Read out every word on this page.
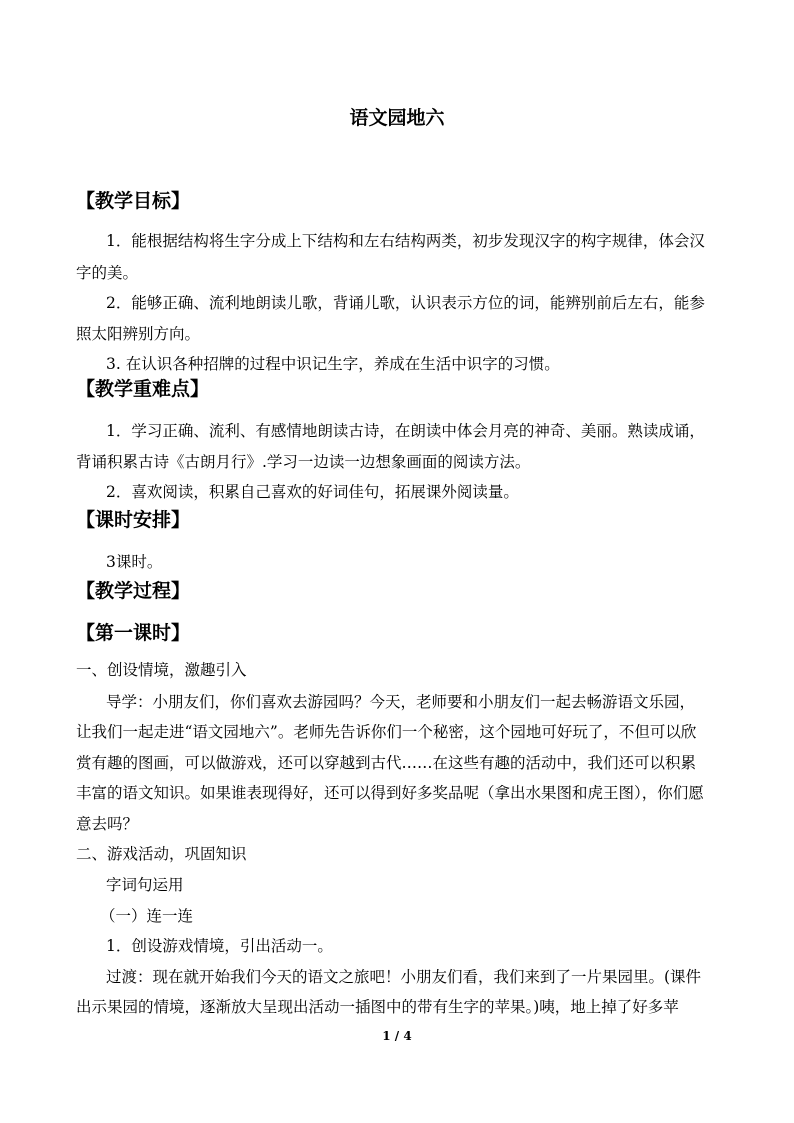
语文园地六
【教学目标】
1．能根据结构将生字分成上下结构和左右结构两类，初步发现汉字的构字规律，体会汉
字的美。
2．能够正确、流利地朗读儿歌，背诵儿歌，认识表示方位的词，能辨别前后左右，能参
照太阳辨别方向。
3. 在认识各种招牌的过程中识记生字，养成在生活中识字的习惯。
【教学重难点】
1．学习正确、流利、有感情地朗读古诗，在朗读中体会月亮的神奇、美丽。熟读成诵，
背诵积累古诗《古朗月行》.学习一边读一边想象画面的阅读方法。
2．喜欢阅读，积累自己喜欢的好词佳句，拓展课外阅读量。
【课时安排】
3课时。
【教学过程】
【第一课时】
一、创设情境，激趣引入
导学：小朋友们，你们喜欢去游园吗？今天，老师要和小朋友们一起去畅游语文乐园，
让我们一起走进“语文园地六”。老师先告诉你们一个秘密，这个园地可好玩了，不但可以欣
赏有趣的图画，可以做游戏，还可以穿越到古代……在这些有趣的活动中，我们还可以积累
丰富的语文知识。如果谁表现得好，还可以得到好多奖品呢（拿出水果图和虎王图），你们愿
意去吗？
二、游戏活动，巩固知识
字词句运用
（一）连一连
1．创设游戏情境，引出活动一。
过渡：现在就开始我们今天的语文之旅吧！小朋友们看，我们来到了一片果园里。(课件
出示果园的情境，逐渐放大呈现出活动一插图中的带有生字的苹果。)咦，地上掉了好多苹
1 / 4
